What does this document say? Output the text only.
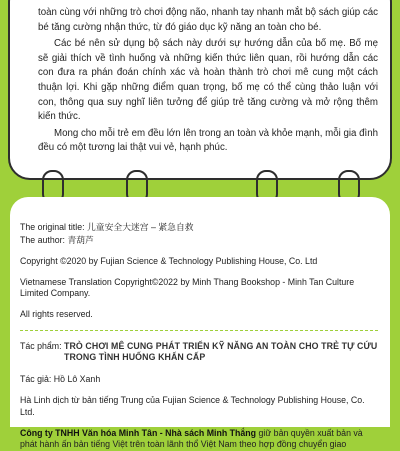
toàn cùng với những trò chơi động não, nhanh tay nhanh mắt bộ sách giúp các bé tăng cường nhận thức, từ đó giáo dục kỹ năng an toàn cho bé.

Các bé nên sử dụng bộ sách này dưới sự hướng dẫn của bố mẹ. Bố mẹ sẽ giải thích về tình huống và những kiến thức liên quan, rồi hướng dẫn các con đưa ra phán đoán chính xác và hoàn thành trò chơi mê cung một cách thuận lợi. Khi gặp những điểm quan trọng, bố mẹ có thể cùng thảo luận với con, thông qua suy nghĩ liên tưởng để giúp trẻ tăng cường và mở rộng thêm kiến thức.

Mong cho mỗi trẻ em đều lớn lên trong an toàn và khỏe mạnh, mỗi gia đình đều có một tương lai thật vui vẻ, hạnh phúc.

The original title: 儿童安全大迷宫 – 紧急自救
The author: 青葫芦
Copyright ©2020 by Fujian Science & Technology Publishing House, Co. Ltd
Vietnamese Translation Copyright©2022 by Minh Thang Bookshop - Minh Tan Culture Limited Company.
All rights reserved.
Tác phẩm: TRÒ CHƠI MÊ CUNG PHÁT TRIỂN KỸ NĂNG AN TOÀN CHO TRẺ TỰ CỨU TRONG TÌNH HUỐNG KHẨN CẤP
Tác giả: Hồ Lô Xanh
Hà Linh dịch từ bản tiếng Trung của Fujian Science & Technology Publishing House, Co. Ltd.
Công ty TNHH Văn hóa Minh Tân - Nhà sách Minh Thắng giữ bản quyền xuất bản và phát hành ấn bản tiếng Việt trên toàn lãnh thổ Việt Nam theo hợp đồng chuyển giao
